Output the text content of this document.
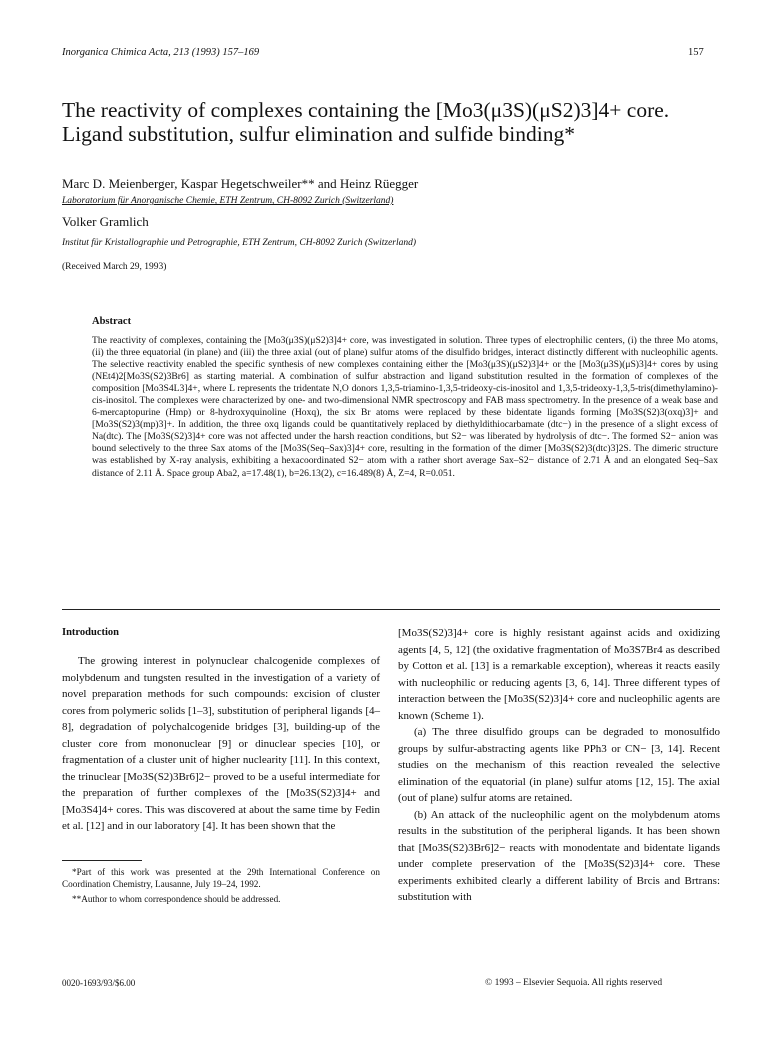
Inorganica Chimica Acta, 213 (1993) 157–169	157
The reactivity of complexes containing the [Mo3(μ3S)(μS2)3]4+ core.
Ligand substitution, sulfur elimination and sulfide binding*
Marc D. Meienberger, Kaspar Hegetschweiler** and Heinz Rüegger
Laboratorium für Anorganische Chemie, ETH Zentrum, CH-8092 Zurich (Switzerland)
Volker Gramlich
Institut für Kristallographie und Petrographie, ETH Zentrum, CH-8092 Zurich (Switzerland)
(Received March 29, 1993)
Abstract
The reactivity of complexes, containing the [Mo3(μ3S)(μS2)3]4+ core, was investigated in solution. Three types of electrophilic centers, (i) the three Mo atoms, (ii) the three equatorial (in plane) and (iii) the three axial (out of plane) sulfur atoms of the disulfido bridges, interact distinctly different with nucleophilic agents. The selective reactivity enabled the specific synthesis of new complexes containing either the [Mo3(μ3S)(μS2)3]4+ or the [Mo3(μ3S)(μS)3]4+ cores by using (NEt4)2[Mo3S(S2)3Br6] as starting material. A combination of sulfur abstraction and ligand substitution resulted in the formation of complexes of the composition [Mo3S4L3]4+, where L represents the tridentate N,O donors 1,3,5-triamino-1,3,5-trideoxy-cis-inositol and 1,3,5-trideoxy-1,3,5-tris(dimethylamino)-cis-inositol. The complexes were characterized by one- and two-dimensional NMR spectroscopy and FAB mass spectrometry. In the presence of a weak base and 6-mercaptopurine (Hmp) or 8-hydroxyquinoline (Hoxq), the six Br atoms were replaced by these bidentate ligands forming [Mo3S(S2)3(oxq)3]+ and [Mo3S(S2)3(mp)3]+. In addition, the three oxq ligands could be quantitatively replaced by diethyldithiocarbamate (dtc−) in the presence of a slight excess of Na(dtc). The [Mo3S(S2)3]4+ core was not affected under the harsh reaction conditions, but S2− was liberated by hydrolysis of dtc−. The formed S2− anion was bound selectively to the three Sax atoms of the [Mo3S(Seq–Sax)3]4+ core, resulting in the formation of the dimer [Mo3S(S2)3(dtc)3]2S. The dimeric structure was established by X-ray analysis, exhibiting a hexacoordinated S2− atom with a rather short average Sax–S2− distance of 2.71 Å and an elongated Seq–Sax distance of 2.11 Å. Space group Aba2, a=17.48(1), b=26.13(2), c=16.489(8) Å, Z=4, R=0.051.
Introduction

The growing interest in polynuclear chalcogenide complexes of molybdenum and tungsten resulted in the investigation of a variety of novel preparation methods for such compounds: excision of cluster cores from polymeric solids [1–3], substitution of peripheral ligands [4–8], degradation of polychalcogenide bridges [3], building-up of the cluster core from mononuclear [9] or dinuclear species [10], or fragmentation of a cluster unit of higher nuclearity [11]. In this context, the trinuclear [Mo3S(S2)3Br6]2− proved to be a useful intermediate for the preparation of further complexes of the [Mo3S(S2)3]4+ and [Mo3S4]4+ cores. This was discovered at about the same time by Fedin et al. [12] and in our laboratory [4]. It has been shown that the

*Part of this work was presented at the 29th International Conference on Coordination Chemistry, Lausanne, July 19–24, 1992.
**Author to whom correspondence should be addressed.

[Mo3S(S2)3]4+ core is highly resistant against acids and oxidizing agents [4, 5, 12] (the oxidative fragmentation of Mo3S7Br4 as described by Cotton et al. [13] is a remarkable exception), whereas it reacts easily with nucleophilic or reducing agents [3, 6, 14]. Three different types of interaction between the [Mo3S(S2)3]4+ core and nucleophilic agents are known (Scheme 1).

(a) The three disulfido groups can be degraded to monosulfido groups by sulfur-abstracting agents like PPh3 or CN− [3, 14]. Recent studies on the mechanism of this reaction revealed the selective elimination of the equatorial (in plane) sulfur atoms [12, 15]. The axial (out of plane) sulfur atoms are retained.

(b) An attack of the nucleophilic agent on the molybdenum atoms results in the substitution of the peripheral ligands. It has been shown that [Mo3S(S2)3Br6]2− reacts with monodentate and bidentate ligands under complete preservation of the [Mo3S(S2)3]4+ core. These experiments exhibited clearly a different lability of Brcis and Brtrans: substitution with

0020-1693/93/$6.00	© 1993 – Elsevier Sequoia. All rights reserved
